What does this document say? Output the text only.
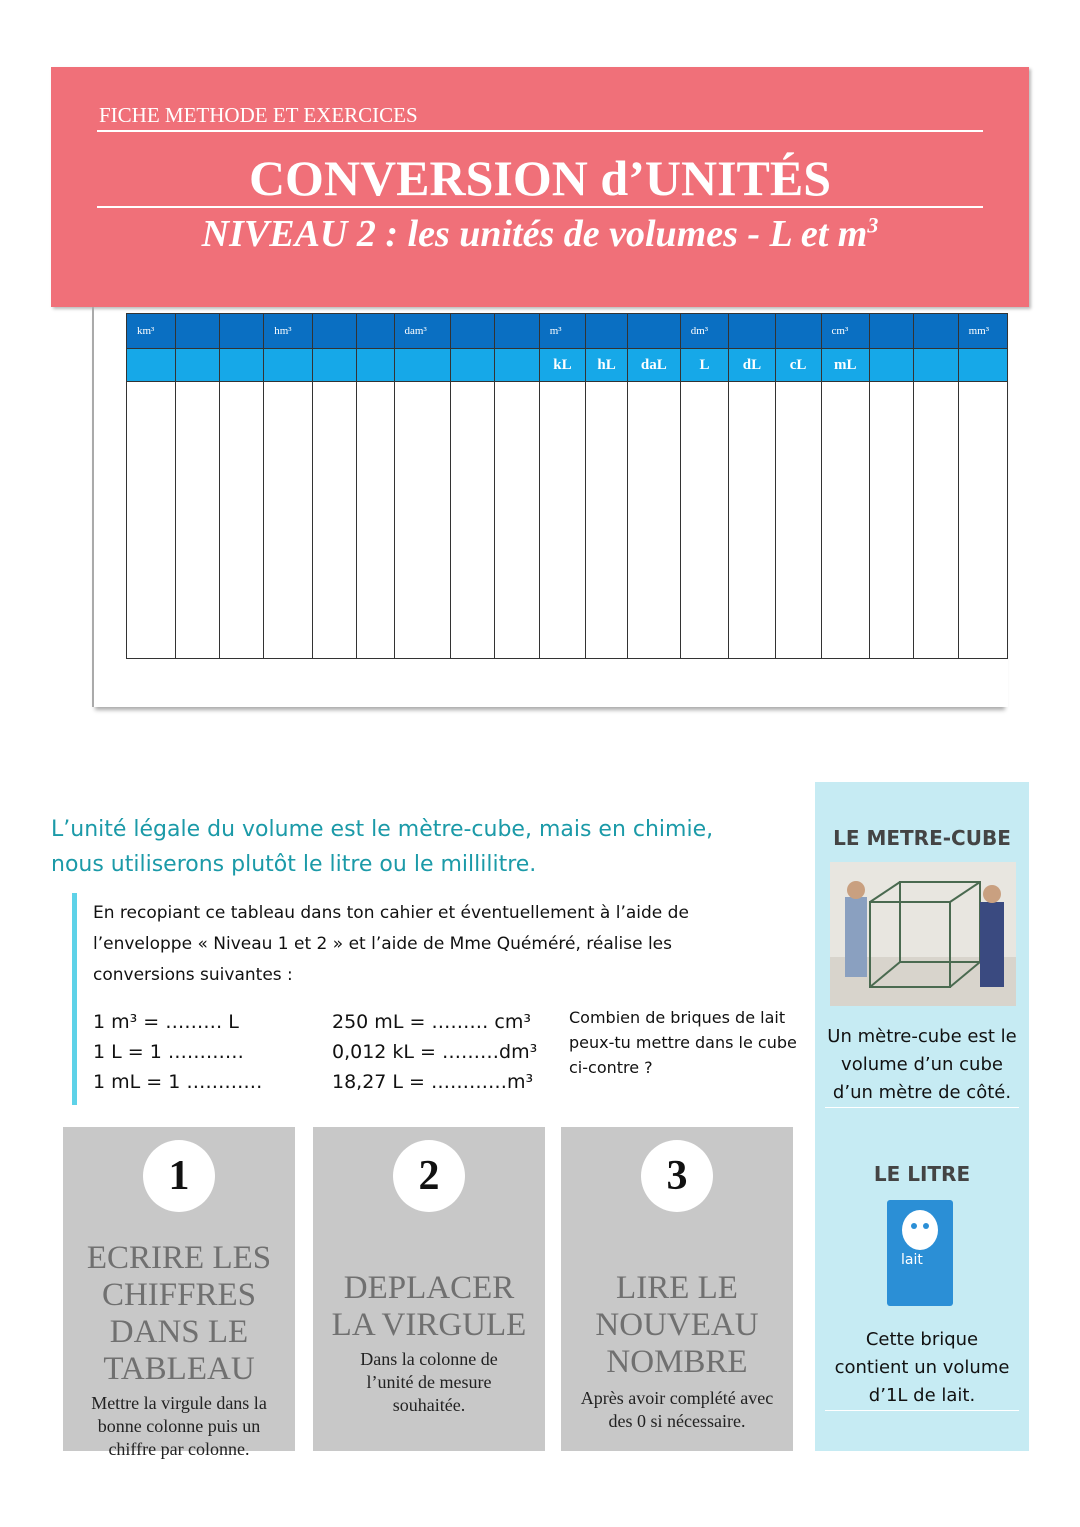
FICHE METHODE ET EXERCICES
CONVERSION d’UNITÉS
NIVEAU 2 : les unités de volumes - L et $m^3$
km³			hm³			dam³			m³			dm³			cm³			mm³
									kL	hL	daL	L	dL	cL	mL			

L’unité légale du volume est le mètre-cube, mais en chimie,
nous utiliserons plutôt le litre ou le millilitre.

En recopiant ce tableau dans ton cahier et éventuellement à l’aide de l’enveloppe « Niveau 1 et 2 » et l’aide de Mme Quéméré, réalise les conversions suivantes :

1 m³ = ……… L
1 L = 1 …………
1 mL = 1 …………
250 mL = ……… cm³
0,012 kL = ………dm³
18,27 L = …………m³
Combien de briques de lait peux-tu mettre dans le cube ci-contre ?
1
ECRIRE LES CHIFFRES DANS LE TABLEAU
Mettre la virgule dans la bonne colonne puis un chiffre par colonne.
2
DEPLACER LA VIRGULE
Dans la colonne de l’unité de mesure souhaitée.
3
LIRE LE NOUVEAU NOMBRE
Après avoir complété avec des 0 si nécessaire.
LE METRE-CUBE
Un mètre-cube est le volume d’un cube d’un mètre de côté.
LE LITRE
lait
Cette brique contient un volume d’1L de lait.
